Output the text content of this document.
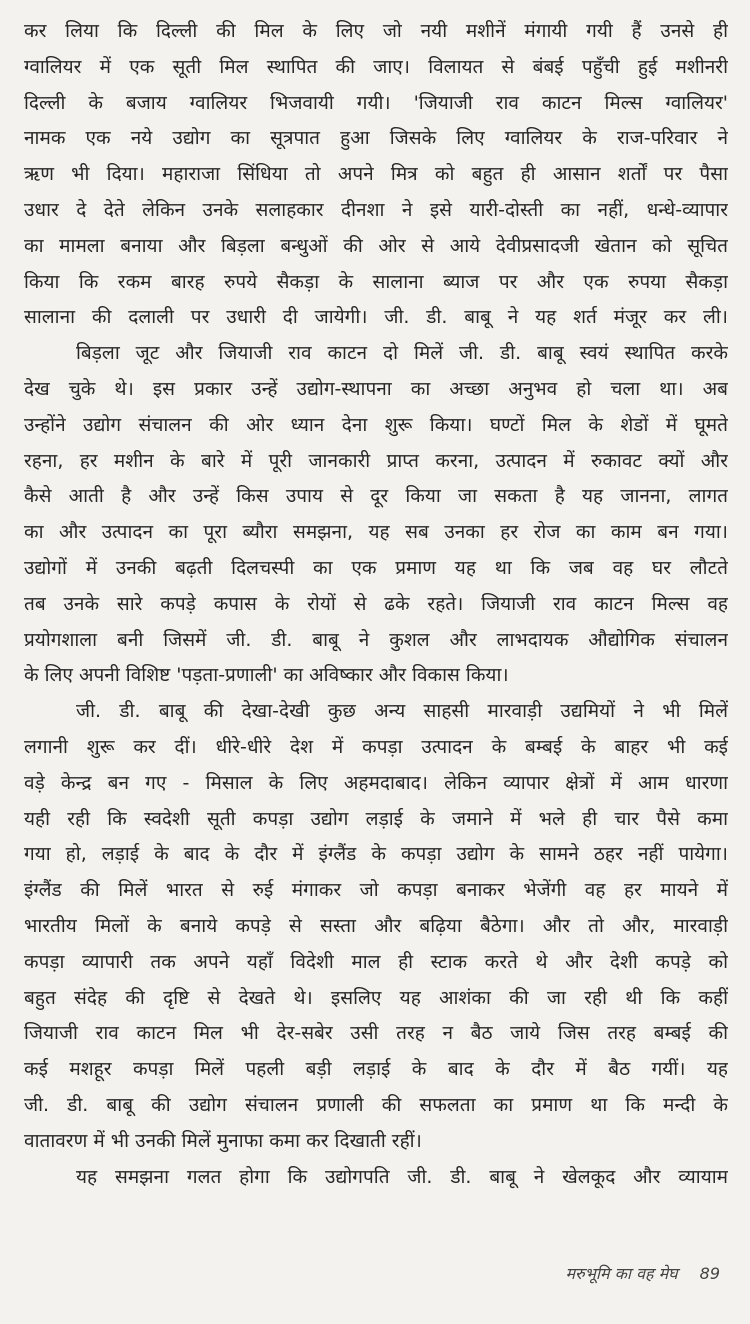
कर लिया कि दिल्ली की मिल के लिए जो नयी मशीनें मंगायी गयी हैं उनसे ही
ग्वालियर में एक सूती मिल स्थापित की जाए। विलायत से बंबई पहुँची हुई मशीनरी
दिल्ली के बजाय ग्वालियर भिजवायी गयी। 'जियाजी राव काटन मिल्स ग्वालियर'
नामक एक नये उद्योग का सूत्रपात हुआ जिसके लिए ग्वालियर के राज-परिवार ने
ऋण भी दिया। महाराजा सिंधिया तो अपने मित्र को बहुत ही आसान शर्तों पर पैसा
उधार दे देते लेकिन उनके सलाहकार दीनशा ने इसे यारी-दोस्ती का नहीं, धन्धे-व्यापार
का मामला बनाया और बिड़ला बन्धुओं की ओर से आये देवीप्रसादजी खेतान को सूचित
किया कि रकम बारह रुपये सैकड़ा के सालाना ब्याज पर और एक रुपया सैकड़ा
सालाना की दलाली पर उधारी दी जायेगी। जी. डी. बाबू ने यह शर्त मंजूर कर ली।
बिड़ला जूट और जियाजी राव काटन दो मिलें जी. डी. बाबू स्वयं स्थापित करके
देख चुके थे। इस प्रकार उन्हें उद्योग-स्थापना का अच्छा अनुभव हो चला था। अब
उन्होंने उद्योग संचालन की ओर ध्यान देना शुरू किया। घण्टों मिल के शेडों में घूमते
रहना, हर मशीन के बारे में पूरी जानकारी प्राप्त करना, उत्पादन में रुकावट क्यों और
कैसे आती है और उन्हें किस उपाय से दूर किया जा सकता है यह जानना, लागत
का और उत्पादन का पूरा ब्यौरा समझना, यह सब उनका हर रोज का काम बन गया।
उद्योगों में उनकी बढ़ती दिलचस्पी का एक प्रमाण यह था कि जब वह घर लौटते
तब उनके सारे कपड़े कपास के रोयों से ढके रहते। जियाजी राव काटन मिल्स वह
प्रयोगशाला बनी जिसमें जी. डी. बाबू ने कुशल और लाभदायक औद्योगिक संचालन
के लिए अपनी विशिष्ट 'पड़ता-प्रणाली' का अविष्कार और विकास किया।
जी. डी. बाबू की देखा-देखी कुछ अन्य साहसी मारवाड़ी उद्यमियों ने भी मिलें
लगानी शुरू कर दीं। धीरे-धीरे देश में कपड़ा उत्पादन के बम्बई के बाहर भी कई
वड़े केन्द्र बन गए - मिसाल के लिए अहमदाबाद। लेकिन व्यापार क्षेत्रों में आम धारणा
यही रही कि स्वदेशी सूती कपड़ा उद्योग लड़ाई के जमाने में भले ही चार पैसे कमा
गया हो, लड़ाई के बाद के दौर में इंग्लैंड के कपड़ा उद्योग के सामने ठहर नहीं पायेगा।
इंग्लैंड की मिलें भारत से रुई मंगाकर जो कपड़ा बनाकर भेजेंगी वह हर मायने में
भारतीय मिलों के बनाये कपड़े से सस्ता और बढ़िया बैठेगा। और तो और, मारवाड़ी
कपड़ा व्यापारी तक अपने यहाँ विदेशी माल ही स्टाक करते थे और देशी कपड़े को
बहुत संदेह की दृष्टि से देखते थे। इसलिए यह आशंका की जा रही थी कि कहीं
जियाजी राव काटन मिल भी देर-सबेर उसी तरह न बैठ जाये जिस तरह बम्बई की
कई मशहूर कपड़ा मिलें पहली बड़ी लड़ाई के बाद के दौर में बैठ गयीं। यह
जी. डी. बाबू की उद्योग संचालन प्रणाली की सफलता का प्रमाण था कि मन्दी के
वातावरण में भी उनकी मिलें मुनाफा कमा कर दिखाती रहीं।
यह समझना गलत होगा कि उद्योगपति जी. डी. बाबू ने खेलकूद और व्यायाम
मरुभूमि का वह मेघ 89
